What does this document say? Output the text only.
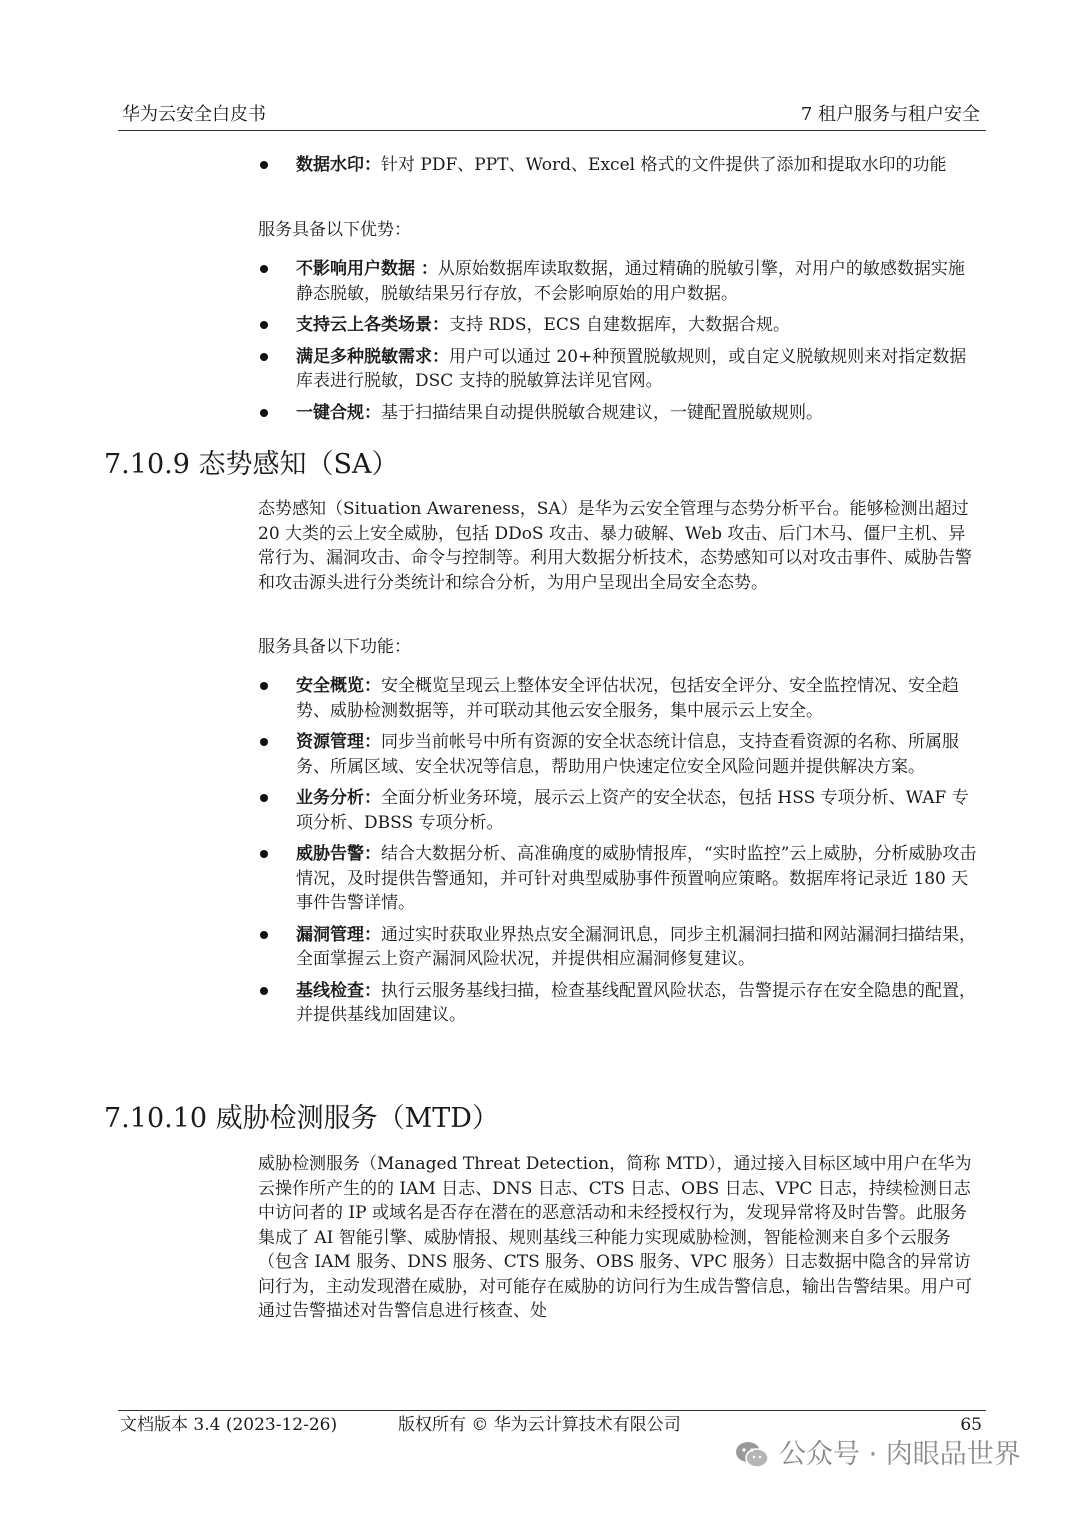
华为云安全白皮书	7 租户服务与租户安全
数据水印：针对 PDF、PPT、Word、Excel 格式的文件提供了添加和提取水印的功能

服务具备以下优势：

不影响用户数据 ：从原始数据库读取数据，通过精确的脱敏引擎，对用户的敏感数据实施静态脱敏，脱敏结果另行存放，不会影响原始的用户数据。
支持云上各类场景：支持 RDS，ECS 自建数据库，大数据合规。
满足多种脱敏需求：用户可以通过 20+种预置脱敏规则，或自定义脱敏规则来对指定数据库表进行脱敏，DSC 支持的脱敏算法详见官网。
一键合规：基于扫描结果自动提供脱敏合规建议，一键配置脱敏规则。
7.10.9 态势感知（SA）

态势感知（Situation Awareness，SA）是华为云安全管理与态势分析平台。能够检测出超过 20 大类的云上安全威胁，包括 DDoS 攻击、暴力破解、Web 攻击、后门木马、僵尸主机、异常行为、漏洞攻击、命令与控制等。利用大数据分析技术，态势感知可以对攻击事件、威胁告警和攻击源头进行分类统计和综合分析，为用户呈现出全局安全态势。

服务具备以下功能：

安全概览：安全概览呈现云上整体安全评估状况，包括安全评分、安全监控情况、安全趋势、威胁检测数据等，并可联动其他云安全服务，集中展示云上安全。
资源管理：同步当前帐号中所有资源的安全状态统计信息，支持查看资源的名称、所属服务、所属区域、安全状况等信息，帮助用户快速定位安全风险问题并提供解决方案。
业务分析：全面分析业务环境，展示云上资产的安全状态，包括 HSS 专项分析、WAF 专项分析、DBSS 专项分析。
威胁告警：结合大数据分析、高准确度的威胁情报库，“实时监控”云上威胁，分析威胁攻击情况，及时提供告警通知，并可针对典型威胁事件预置响应策略。数据库将记录近 180 天事件告警详情。
漏洞管理：通过实时获取业界热点安全漏洞讯息，同步主机漏洞扫描和网站漏洞扫描结果，全面掌握云上资产漏洞风险状况，并提供相应漏洞修复建议。
基线检查：执行云服务基线扫描，检查基线配置风险状态，告警提示存在安全隐患的配置，并提供基线加固建议。
7.10.10 威胁检测服务（MTD）

威胁检测服务（Managed Threat Detection，简称 MTD），通过接入目标区域中用户在华为云操作所产生的的 IAM 日志、DNS 日志、CTS 日志、OBS 日志、VPC 日志，持续检测日志中访问者的 IP 或域名是否存在潜在的恶意活动和未经授权行为，发现异常将及时告警。此服务集成了 AI 智能引擎、威胁情报、规则基线三种能力实现威胁检测，智能检测来自多个云服务（包含 IAM 服务、DNS 服务、CTS 服务、OBS 服务、VPC 服务）日志数据中隐含的异常访问行为，主动发现潜在威胁，对可能存在威胁的访问行为生成告警信息，输出告警结果。用户可通过告警描述对告警信息进行核查、处

文档版本 3.4 (2023-12-26)	版权所有 © 华为云计算技术有限公司	65
公众号 · 肉眼品世界
